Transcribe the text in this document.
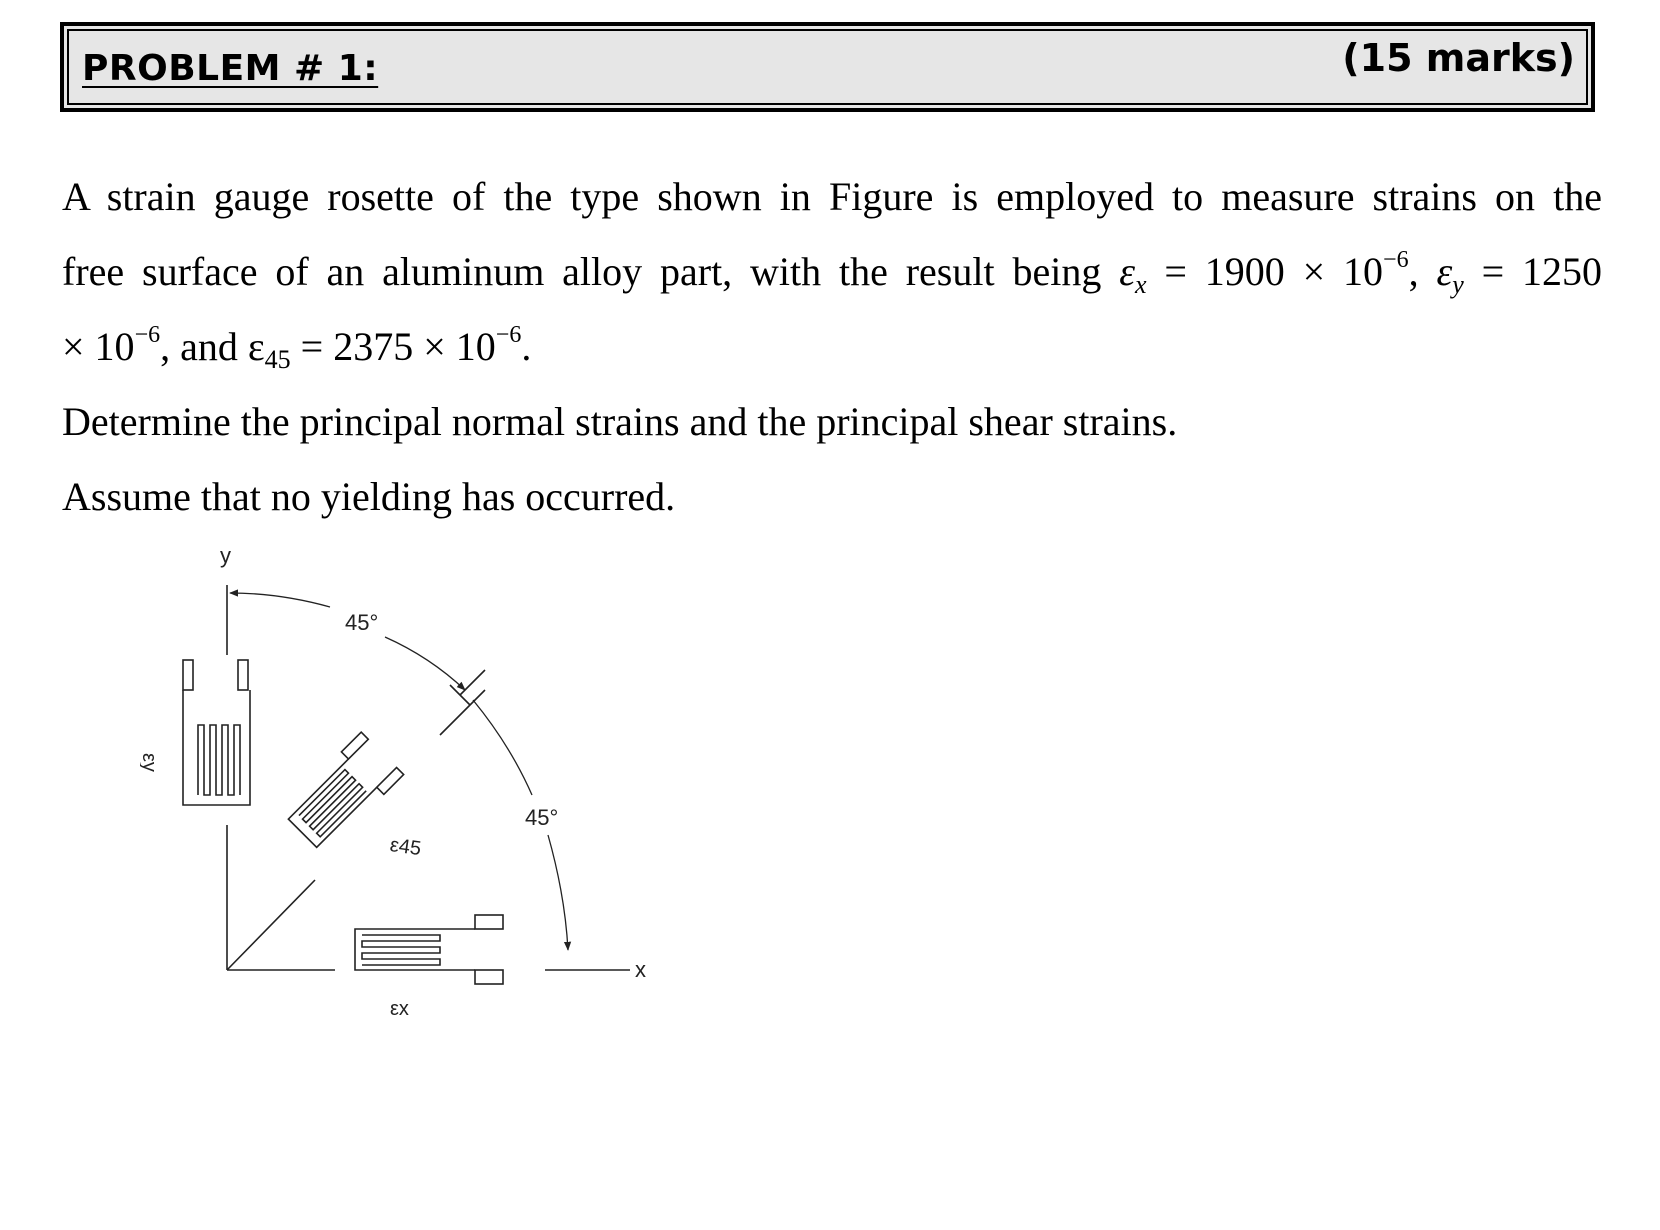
PROBLEM # 1:	(15 marks)
A strain gauge rosette of the type shown in Figure is employed to measure strains on the
free surface of an aluminum alloy part, with the result being $\varepsilon_x = 1900 \times 10^{-6}$, $\varepsilon_y = 1250$
× $10^{-6}$, and $\varepsilon_{45} = 2375 \times 10^{-6}$.
Determine the principal normal strains and the principal shear strains.
Assume that no yielding has occurred.
y
x
45°
45°
εy
ε45
εx
